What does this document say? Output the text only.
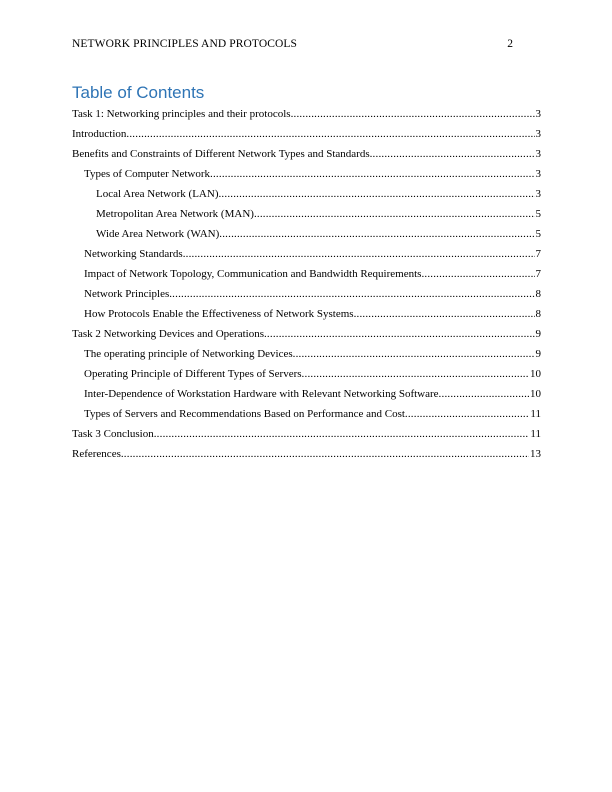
NETWORK PRINCIPLES AND PROTOCOLS	2
Table of Contents
Task 1: Networking principles and their protocols .....	3
Introduction .....	3
Benefits and Constraints of Different Network Types and Standards .....	3
Types of Computer Network .....	3
Local Area Network (LAN) .....	3
Metropolitan Area Network (MAN) .....	5
Wide Area Network (WAN) .....	5
Networking Standards .....	7
Impact of Network Topology, Communication and Bandwidth Requirements .....	7
Network Principles .....	8
How Protocols Enable the Effectiveness of Network Systems .....	8
Task 2 Networking Devices and Operations .....	9
The operating principle of Networking Devices .....	9
Operating Principle of Different Types of Servers .....	10
Inter-Dependence of Workstation Hardware with Relevant Networking Software .....	10
Types of Servers and Recommendations Based on Performance and Cost .....	11
Task 3 Conclusion .....	11
References .....	13
